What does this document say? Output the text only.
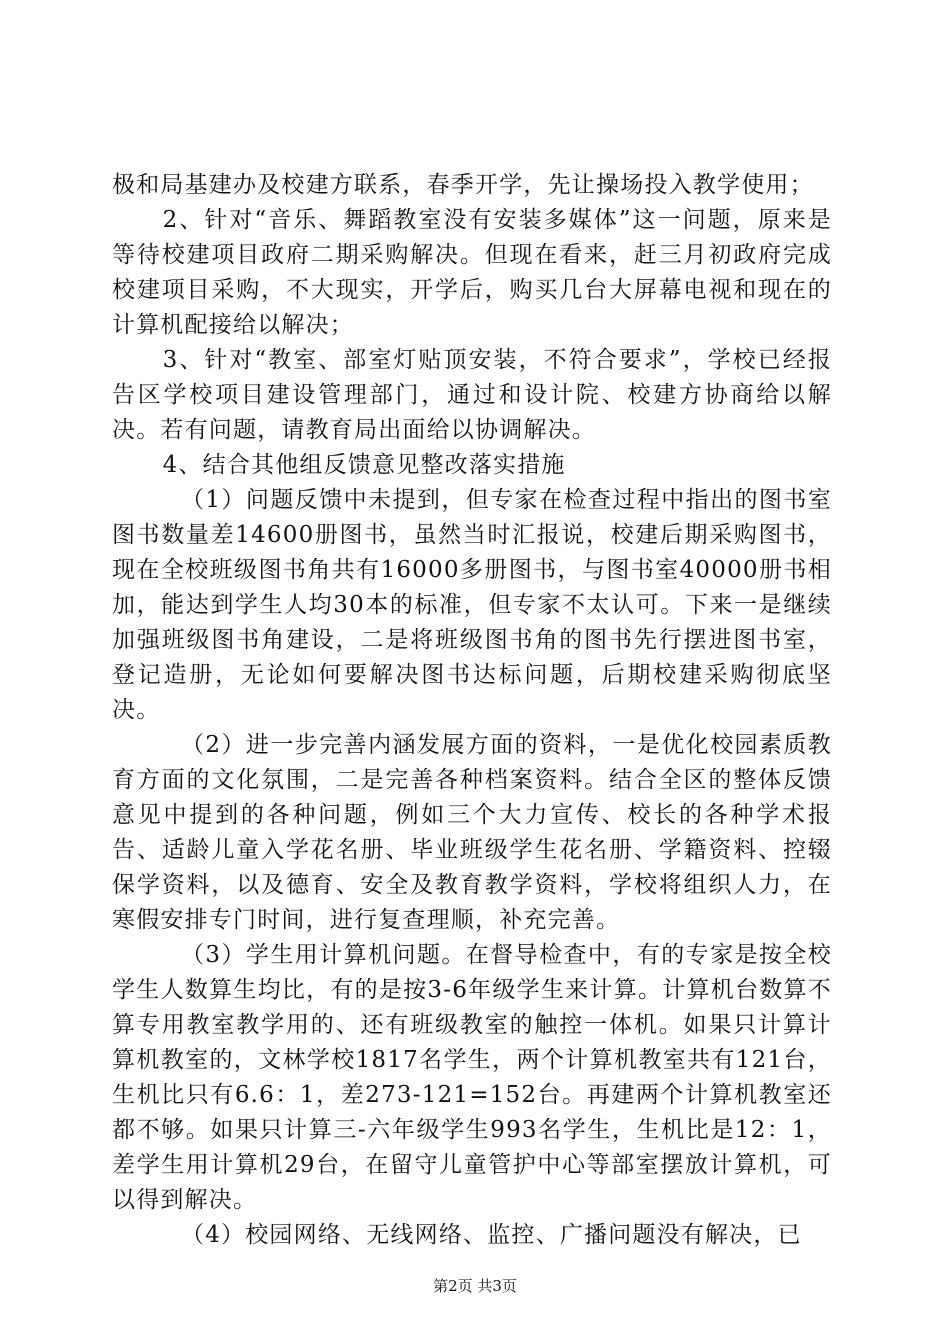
极和局基建办及校建方联系，春季开学，先让操场投入教学使用；

2、针对“音乐、舞蹈教室没有安装多媒体”这一问题，原来是等待校建项目政府二期采购解决。但现在看来，赶三月初政府完成校建项目采购，不大现实，开学后，购买几台大屏幕电视和现在的计算机配接给以解决；

3、针对“教室、部室灯贴顶安装，不符合要求”，学校已经报告区学校项目建设管理部门，通过和设计院、校建方协商给以解决。若有问题，请教育局出面给以协调解决。

4、结合其他组反馈意见整改落实措施

（1）问题反馈中未提到，但专家在检查过程中指出的图书室图书数量差14600册图书，虽然当时汇报说，校建后期采购图书，现在全校班级图书角共有16000多册图书，与图书室40000册书相加，能达到学生人均30本的标准，但专家不太认可。下来一是继续加强班级图书角建设，二是将班级图书角的图书先行摆进图书室，登记造册，无论如何要解决图书达标问题，后期校建采购彻底坚决。

（2）进一步完善内涵发展方面的资料，一是优化校园素质教育方面的文化氛围，二是完善各种档案资料。结合全区的整体反馈意见中提到的各种问题，例如三个大力宣传、校长的各种学术报告、适龄儿童入学花名册、毕业班级学生花名册、学籍资料、控辍保学资料，以及德育、安全及教育教学资料，学校将组织人力，在寒假安排专门时间，进行复查理顺，补充完善。

（3）学生用计算机问题。在督导检查中，有的专家是按全校学生人数算生均比，有的是按3-6年级学生来计算。计算机台数算不算专用教室教学用的、还有班级教室的触控一体机。如果只计算计算机教室的，文林学校1817名学生，两个计算机教室共有121台，生机比只有6.6：1，差273-121=152台。再建两个计算机教室还都不够。如果只计算三-六年级学生993名学生，生机比是12：1，差学生用计算机29台，在留守儿童管护中心等部室摆放计算机，可以得到解决。

（4）校园网络、无线网络、监控、广播问题没有解决，已

第2页 共3页
